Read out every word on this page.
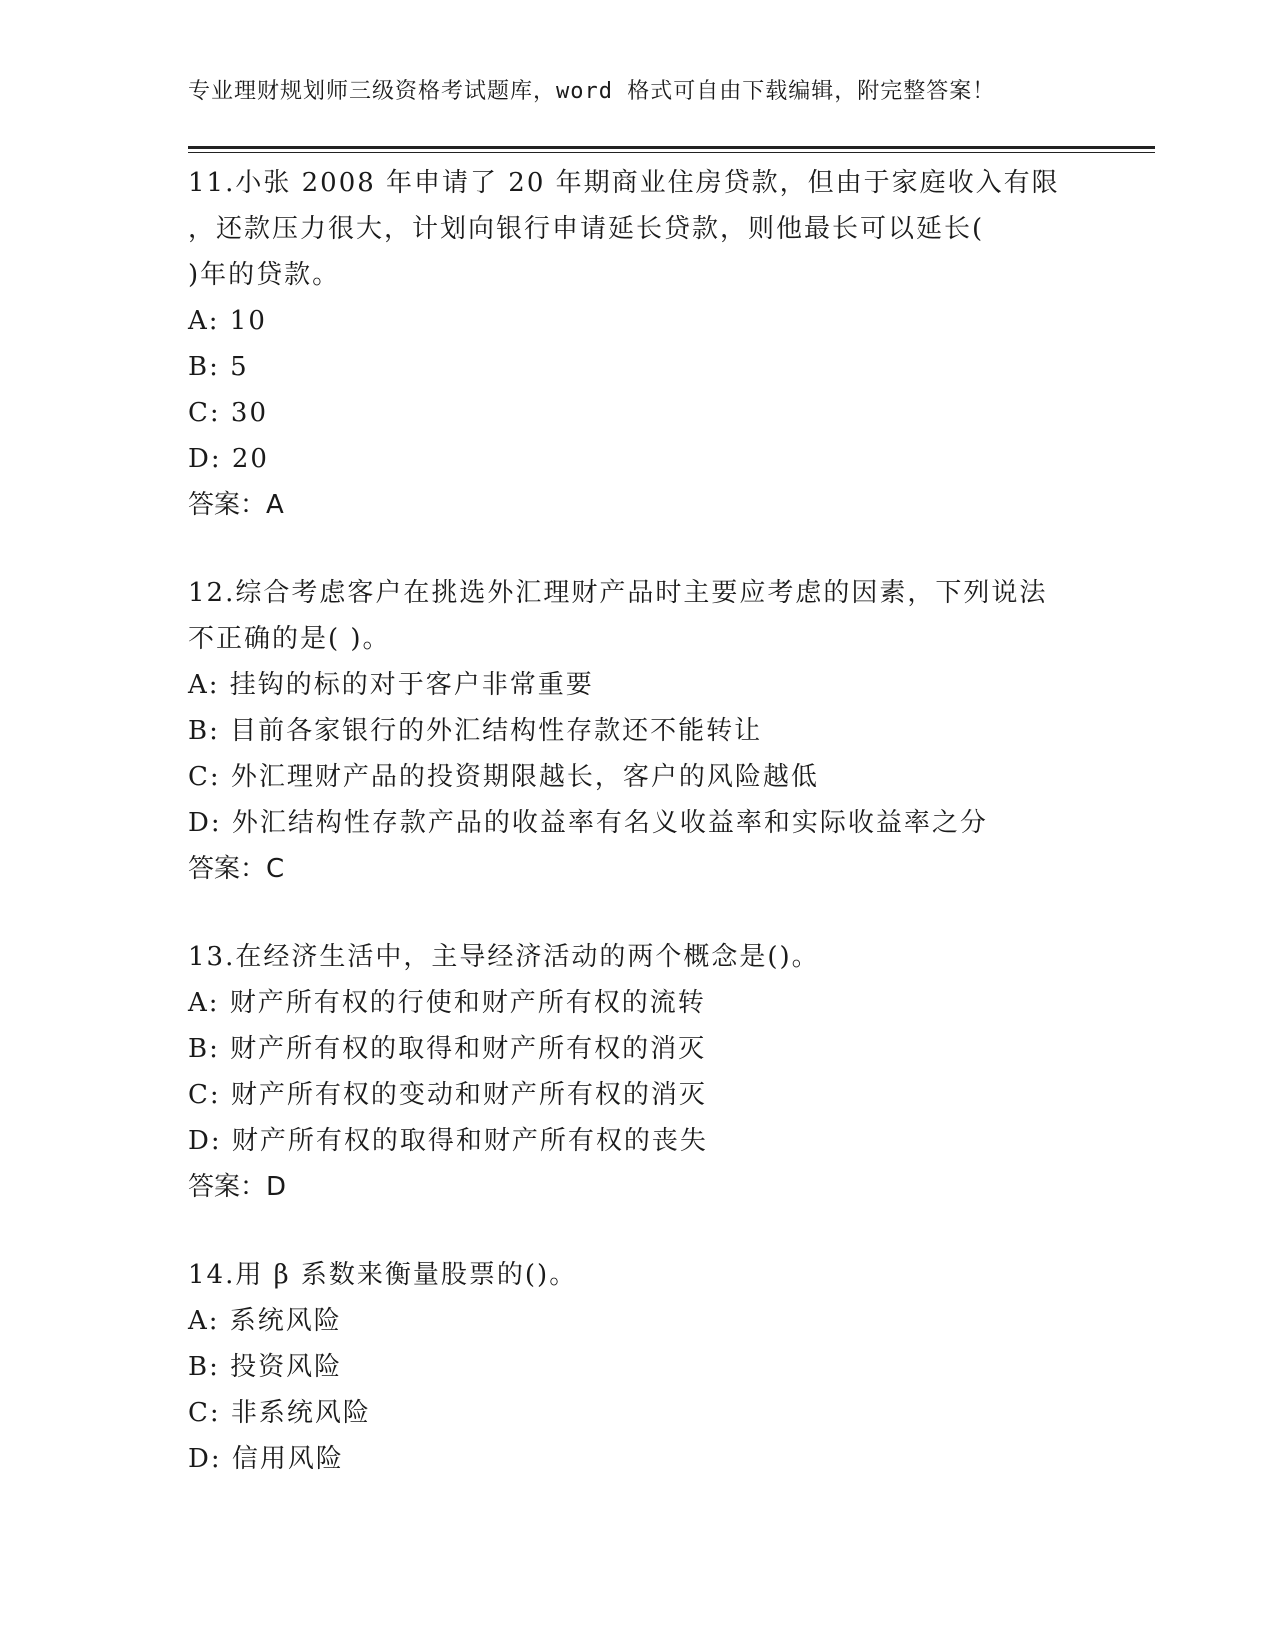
专业理财规划师三级资格考试题库，word 格式可自由下载编辑，附完整答案！
11.小张 2008 年申请了 20 年期商业住房贷款，但由于家庭收入有限
，还款压力很大，计划向银行申请延长贷款，则他最长可以延长(
)年的贷款。
A: 10
B: 5
C: 30
D: 20
答案：A
12.综合考虑客户在挑选外汇理财产品时主要应考虑的因素，下列说法
不正确的是( )。
A: 挂钩的标的对于客户非常重要
B: 目前各家银行的外汇结构性存款还不能转让
C: 外汇理财产品的投资期限越长，客户的风险越低
D: 外汇结构性存款产品的收益率有名义收益率和实际收益率之分
答案：C
13.在经济生活中，主导经济活动的两个概念是()。
A: 财产所有权的行使和财产所有权的流转
B: 财产所有权的取得和财产所有权的消灭
C: 财产所有权的变动和财产所有权的消灭
D: 财产所有权的取得和财产所有权的丧失
答案：D
14.用 β 系数来衡量股票的()。
A: 系统风险
B: 投资风险
C: 非系统风险
D: 信用风险
